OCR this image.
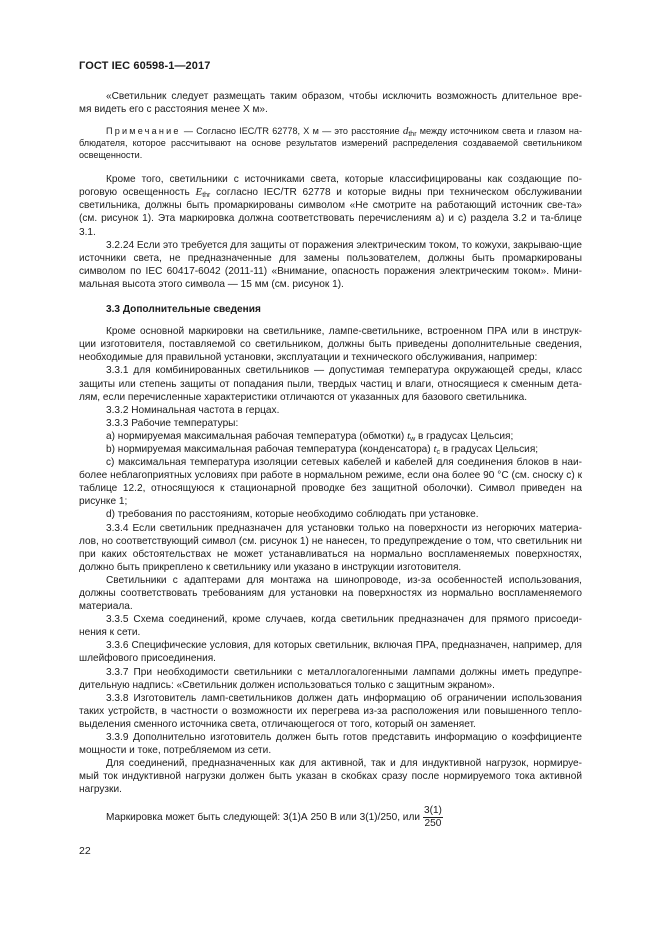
ГОСТ IEC 60598-1—2017

«Светильник следует размещать таким образом, чтобы исключить возможность длительное вре-
мя видеть его с расстояния менее X м».

Примечание — Согласно IEC/TR 62778, X м — это расстояние $d_{thr}$ между источником света и глазом на- блюдателя, которое рассчитывают на основе результатов измерений распределения создаваемой светильником освещенности.

Кроме того, светильники с источниками света, которые классифицированы как создающие по-роговую освещенность $E_{thr}$ согласно IEC/TR 62778 и которые видны при техническом обслуживании светильника, должны быть промаркированы символом «Не смотрите на работающий источник све-та» (см. рисунок 1). Эта маркировка должна соответствовать перечислениям а) и с) раздела 3.2 и та-блице 3.1.

3.2.24 Если это требуется для защиты от поражения электрическим током, то кожухи, закрываю-щие источники света, не предназначенные для замены пользователем, должны быть промаркированы символом по IEC 60417-6042 (2011-11) «Внимание, опасность поражения электрическим током». Мини-мальная высота этого символа — 15 мм (см. рисунок 1).

3.3 Дополнительные сведения

Кроме основной маркировки на светильнике, лампе-светильнике, встроенном ПРА или в инструк-ции изготовителя, поставляемой со светильником, должны быть приведены дополнительные сведения, необходимые для правильной установки, эксплуатации и технического обслуживания, например:

3.3.1 для комбинированных светильников — допустимая температура окружающей среды, класс защиты или степень защиты от попадания пыли, твердых частиц и влаги, относящиеся к сменным дета-лям, если перечисленные характеристики отличаются от указанных для базового светильника.

3.3.2 Номинальная частота в герцах.

3.3.3 Рабочие температуры:

a) нормируемая максимальная рабочая температура (обмотки) $t_w$ в градусах Цельсия;

b) нормируемая максимальная рабочая температура (конденсатора) $t_c$ в градусах Цельсия;

c) максимальная температура изоляции сетевых кабелей и кабелей для соединения блоков в наи-более неблагоприятных условиях при работе в нормальном режиме, если она более 90 °С (см. сноску с) к таблице 12.2, относящуюся к стационарной проводке без защитной оболочки). Символ приведен на рисунке 1;

d) требования по расстояниям, которые необходимо соблюдать при установке.

3.3.4 Если светильник предназначен для установки только на поверхности из негорючих материа-лов, но соответствующий символ (см. рисунок 1) не нанесен, то предупреждение о том, что светильник ни при каких обстоятельствах не может устанавливаться на нормально воспламеняемых поверхностях, должно быть прикреплено к светильнику или указано в инструкции изготовителя.

Светильники с адаптерами для монтажа на шинопроводе, из-за особенностей использования, должны соответствовать требованиям для установки на поверхностях из нормально воспламеняемого материала.

3.3.5 Схема соединений, кроме случаев, когда светильник предназначен для прямого присоеди-нения к сети.

3.3.6 Специфические условия, для которых светильник, включая ПРА, предназначен, например, для шлейфового присоединения.

3.3.7 При необходимости светильники с металлогалогенными лампами должны иметь предупре-дительную надпись: «Светильник должен использоваться только с защитным экраном».

3.3.8 Изготовитель ламп-светильников должен дать информацию об ограничении использования таких устройств, в частности о возможности их перегрева из-за расположения или повышенного тепло-выделения сменного источника света, отличающегося от того, который он заменяет.

3.3.9 Дополнительно изготовитель должен быть готов представить информацию о коэффициенте мощности и токе, потребляемом из сети.

Для соединений, предназначенных как для активной, так и для индуктивной нагрузок, нормируе-мый ток индуктивной нагрузки должен быть указан в скобках сразу после нормируемого тока активной нагрузки.

Маркировка может быть следующей: 3(1)А 250 В или 3(1)/250, или $\frac{3(1)}{250}$

22
